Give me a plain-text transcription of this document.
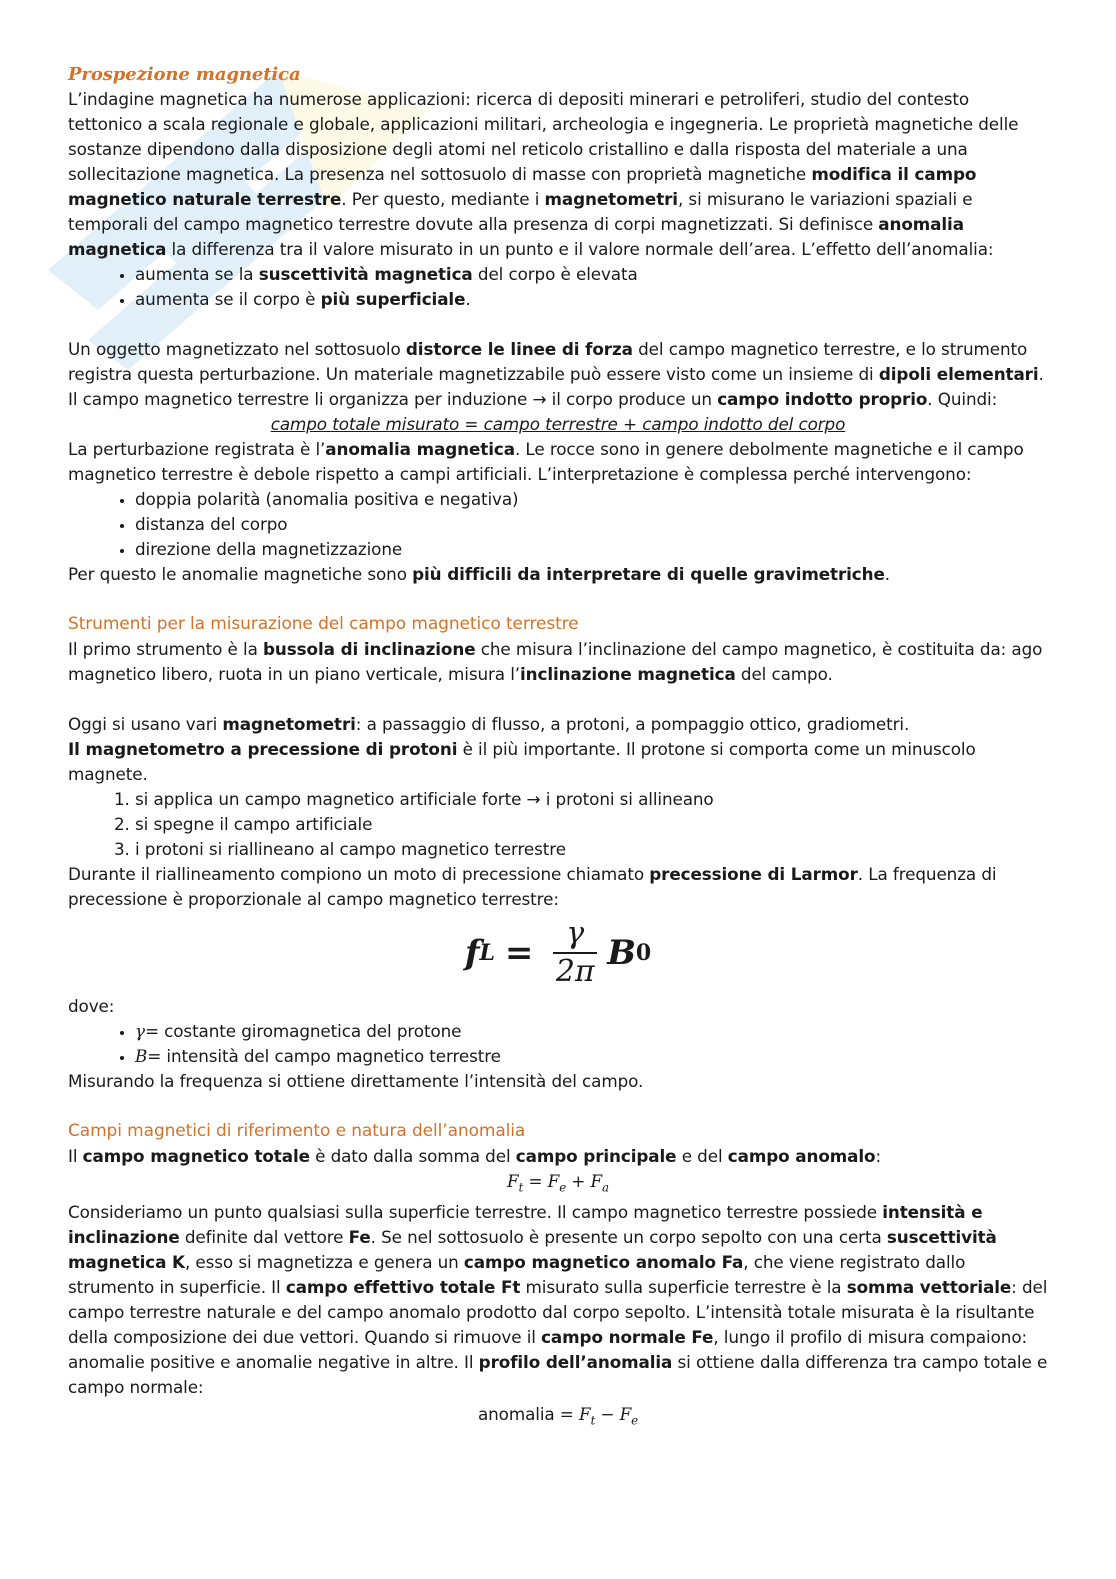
Prospezione magnetica

L’indagine magnetica ha numerose applicazioni: ricerca di depositi minerari e petroliferi, studio del contesto tettonico a scala regionale e globale, applicazioni militari, archeologia e ingegneria. Le proprietà magnetiche delle sostanze dipendono dalla disposizione degli atomi nel reticolo cristallino e dalla risposta del materiale a una sollecitazione magnetica. La presenza nel sottosuolo di masse con proprietà magnetiche modifica il campo magnetico naturale terrestre. Per questo, mediante i magnetometri, si misurano le variazioni spaziali e temporali del campo magnetico terrestre dovute alla presenza di corpi magnetizzati. Si definisce anomalia magnetica la differenza tra il valore misurato in un punto e il valore normale dell’area. L’effetto dell’anomalia:

• aumenta se la suscettività magnetica del corpo è elevata
• aumenta se il corpo è più superficiale.

Un oggetto magnetizzato nel sottosuolo distorce le linee di forza del campo magnetico terrestre, e lo strumento registra questa perturbazione. Un materiale magnetizzabile può essere visto come un insieme di dipoli elementari.

Il campo magnetico terrestre li organizza per induzione → il corpo produce un campo indotto proprio. Quindi:

campo totale misurato = campo terrestre + campo indotto del corpo

La perturbazione registrata è l’anomalia magnetica. Le rocce sono in genere debolmente magnetiche e il campo magnetico terrestre è debole rispetto a campi artificiali. L’interpretazione è complessa perché intervengono:

• doppia polarità (anomalia positiva e negativa)
• distanza del corpo
• direzione della magnetizzazione

Per questo le anomalie magnetiche sono più difficili da interpretare di quelle gravimetriche.

Strumenti per la misurazione del campo magnetico terrestre

Il primo strumento è la bussola di inclinazione che misura l’inclinazione del campo magnetico, è costituita da: ago magnetico libero, ruota in un piano verticale, misura l’inclinazione magnetica del campo.

Oggi si usano vari magnetometri: a passaggio di flusso, a protoni, a pompaggio ottico, gradiometri.

Il magnetometro a precessione di protoni è il più importante. Il protone si comporta come un minuscolo magnete.

1. si applica un campo magnetico artificiale forte → i protoni si allineano
2. si spegne il campo artificiale
3. i protoni si riallineano al campo magnetico terrestre

Durante il riallineamento compiono un moto di precessione chiamato precessione di Larmor. La frequenza di precessione è proporzionale al campo magnetico terrestre:

f $L = \frac{\gamma}{2\pi}$ B 0

dove:

• γ= costante giromagnetica del protone
• B= intensità del campo magnetico terrestre

Misurando la frequenza si ottiene direttamente l’intensità del campo.

Campi magnetici di riferimento e natura dell’anomalia

Il campo magnetico totale è dato dalla somma del campo principale e del campo anomalo:

$F_t = F_e + F_a$

Consideriamo un punto qualsiasi sulla superficie terrestre. Il campo magnetico terrestre possiede intensità e inclinazione definite dal vettore Fe. Se nel sottosuolo è presente un corpo sepolto con una certa suscettività magnetica K, esso si magnetizza e genera un campo magnetico anomalo Fa, che viene registrato dallo strumento in superficie. Il campo effettivo totale Ft misurato sulla superficie terrestre è la somma vettoriale: del campo terrestre naturale e del campo anomalo prodotto dal corpo sepolto. L’intensità totale misurata è la risultante della composizione dei due vettori. Quando si rimuove il campo normale Fe, lungo il profilo di misura compaiono: anomalie positive e anomalie negative in altre. Il profilo dell’anomalia si ottiene dalla differenza tra campo totale e campo normale:

anomalia = $F_t - F_e$
